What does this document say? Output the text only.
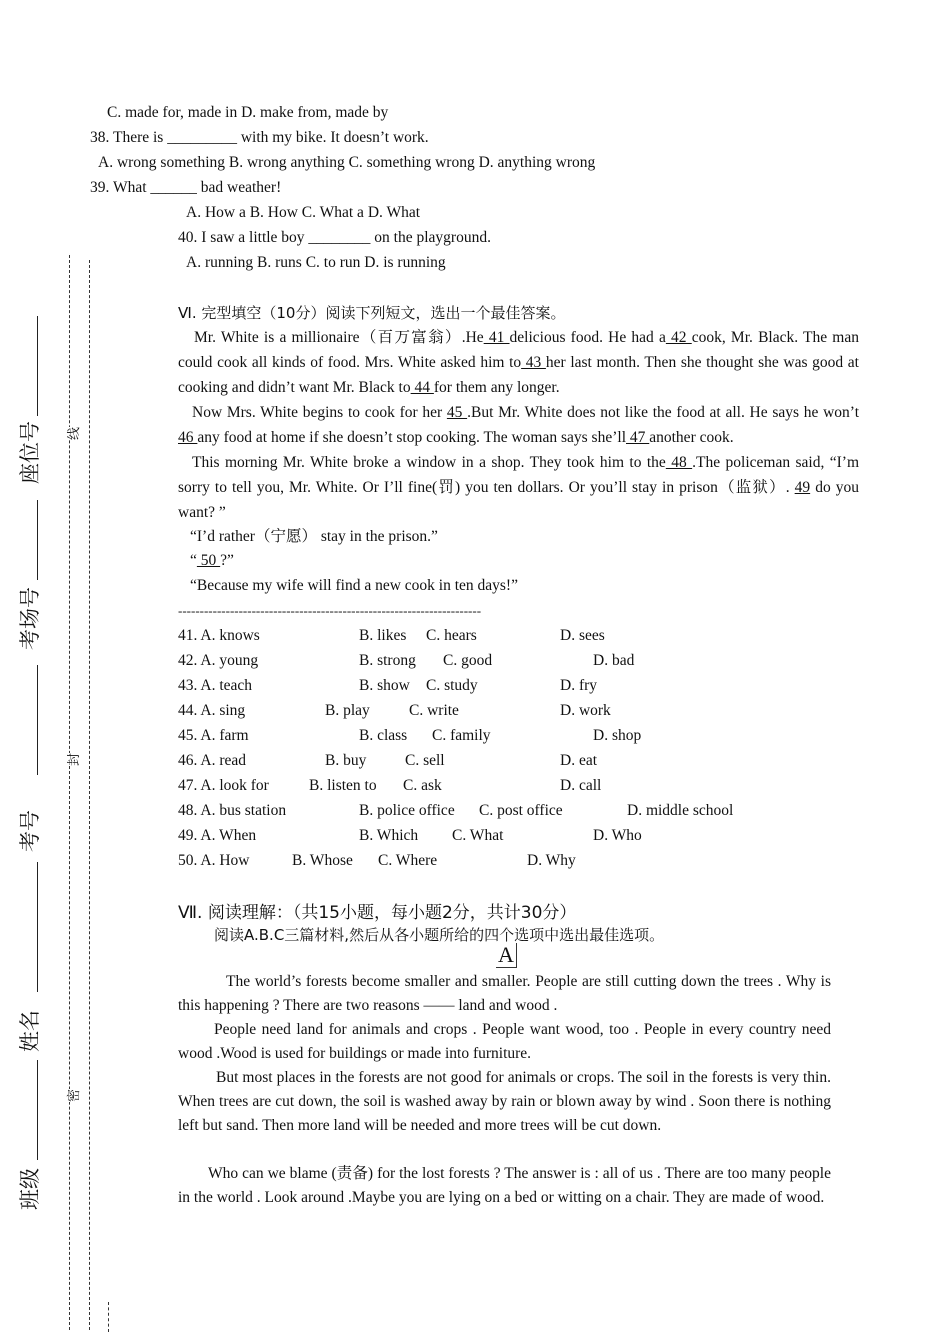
座位号
考场号
考号
姓名
班级
线
封
密
C. made for, made in D. make from, made by
38. There is _________ with my bike. It doesn’t work.
A. wrong something B. wrong anything C. something wrong D. anything wrong
39. What ______ bad weather!
A. How a B. How C. What a D. What
40. I saw a little boy ________ on the playground.
A. running B. runs C. to run D. is running
Ⅵ. 完型填空（10分）阅读下列短文，选出一个最佳答案。
Mr. White is a millionaire（百万富翁）.He 41 delicious food. He had a 42 cook, Mr. Black. The man could cook all kinds of food. Mrs. White asked him to 43 her last month. Then she thought she was good at cooking and didn’t want Mr. Black to 44 for them any longer.
Now Mrs. White begins to cook for her 45 .But Mr. White does not like the food at all. He says he won’t 46 any food at home if she doesn’t stop cooking. The woman says she’ll 47 another cook.
This morning Mr. White broke a window in a shop. They took him to the 48 .The policeman said, “I’m sorry to tell you, Mr. White. Or I’ll fine(罚) you ten dollars. Or you’ll stay in prison（监狱）. 49 do you want? ”
“I’d rather（宁愿） stay in the prison.”
“ 50 ?”
“Because my wife will find a new cook in ten days!”
----------------------------------------------------------------------
41. A. knows	B. likes C. hears	D. sees
42. A. young	B. strong C. good	D. bad
43. A. teach	B. show C. study	D. fry
44. A. sing	B. play	C. write	D. work
45. A. farm	B. class C. family	D. shop
46. A. read	B. buy C. sell	D. eat
47. A. look for	B. listen to C. ask	D. call
48. A. bus station	B. police office C. post office	D. middle school
49. A. When	B. Which C. What	D. Who
50. A. How	B. Whose C. Where	D. Why
Ⅶ. 阅读理解：（共15小题，每小题2分，共计30分）
阅读A.B.C三篇材料,然后从各小题所给的四个选项中选出最佳选项。
A
The world’s forests become smaller and smaller. People are still cutting down the trees . Why is this happening ? There are two reasons —— land and wood .
People need land for animals and crops . People want wood, too . People in every country need wood .Wood is used for buildings or made into furniture.
But most places in the forests are not good for animals or crops. The soil in the forests is very thin. When trees are cut down, the soil is washed away by rain or blown away by wind . Soon there is nothing left but sand. Then more land will be needed and more trees will be cut down.
Who can we blame (责备) for the lost forests ? The answer is : all of us . There are too many people in the world . Look around .Maybe you are lying on a bed or witting on a chair. They are made of wood.
